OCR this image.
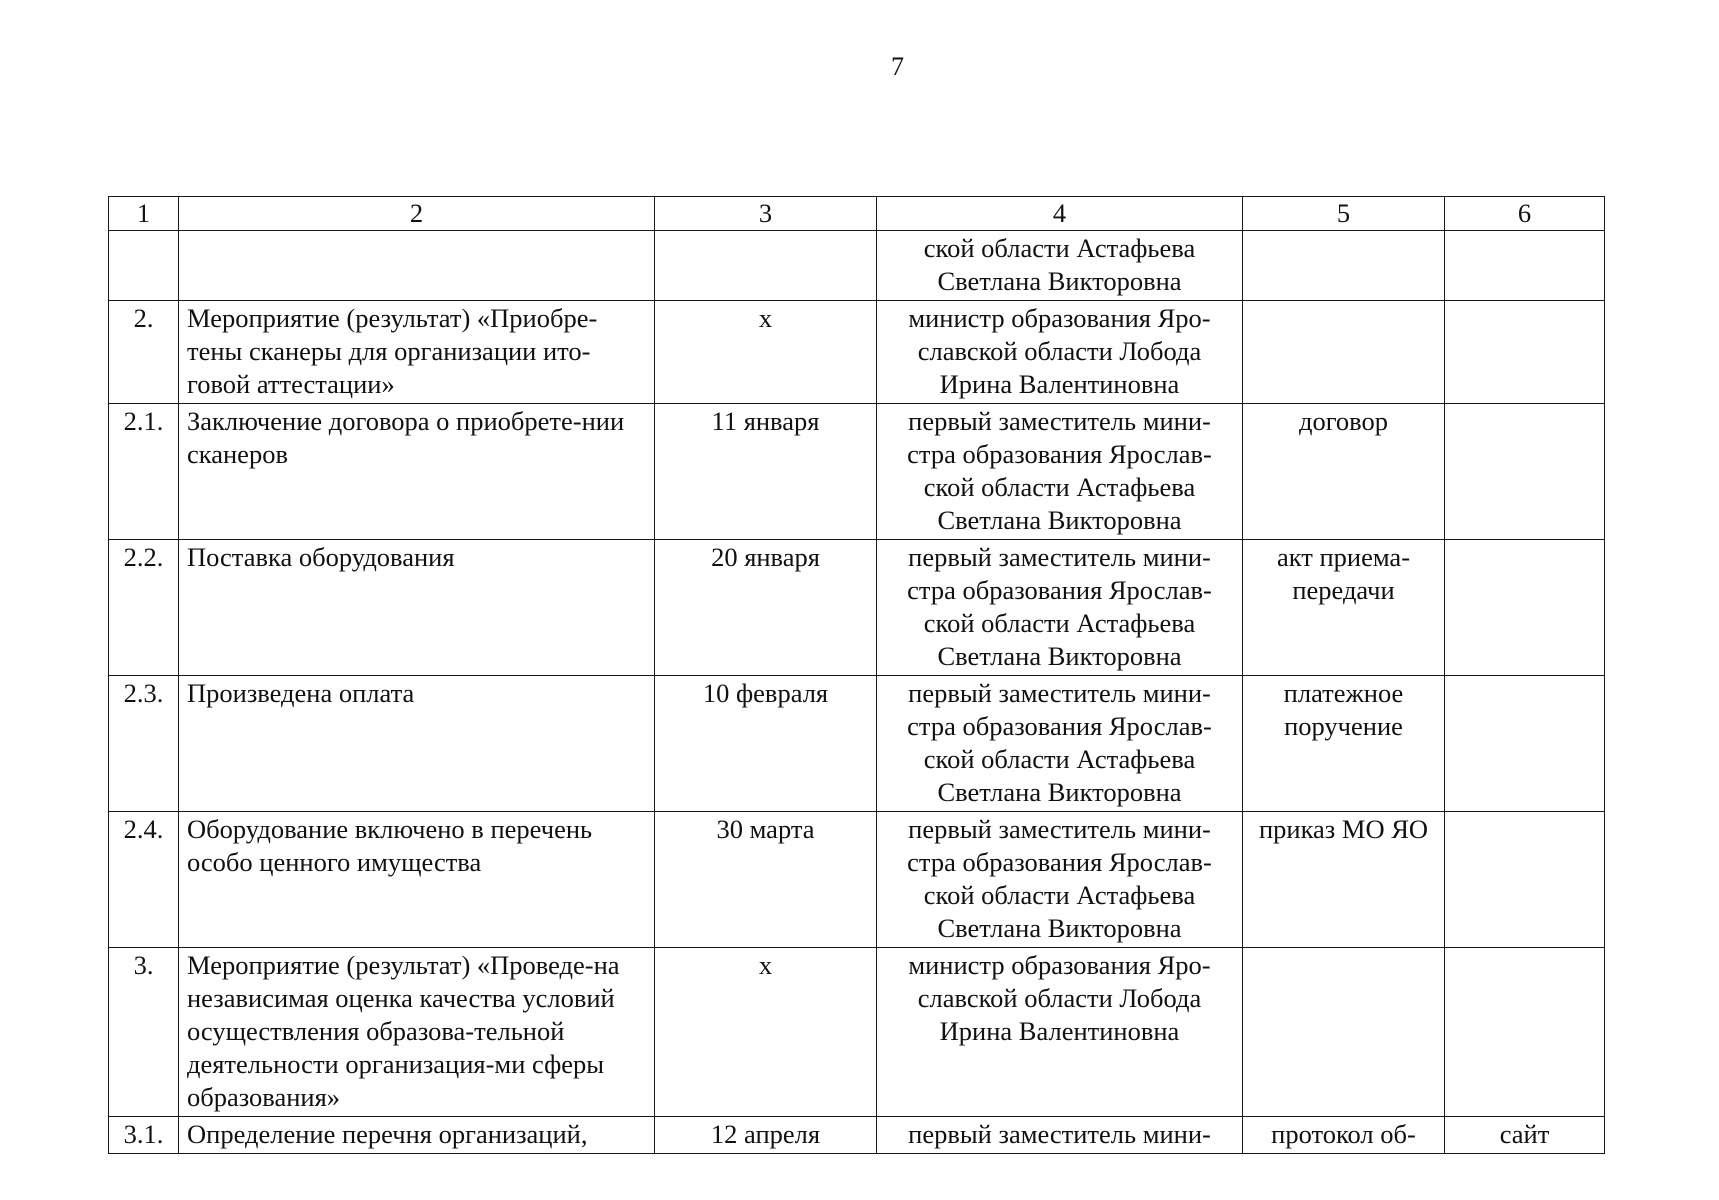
7
1	2	3	4	5	6
			ской области Астафьева Светлана Викторовна		
2.	Мероприятие (результат) «Приобре-тены сканеры для организации ито-говой аттестации»	х	министр образования Яро-славской области Лобода Ирина Валентиновна		
2.1.	Заключение договора о приобрете-нии сканеров	11 января	первый заместитель мини-стра образования Ярослав-ской области Астафьева Светлана Викторовна	договор	
2.2.	Поставка оборудования	20 января	первый заместитель мини-стра образования Ярослав-ской области Астафьева Светлана Викторовна	акт приема-передачи	
2.3.	Произведена оплата	10 февраля	первый заместитель мини-стра образования Ярослав-ской области Астафьева Светлана Викторовна	платежное поручение	
2.4.	Оборудование включено в перечень особо ценного имущества	30 марта	первый заместитель мини-стра образования Ярослав-ской области Астафьева Светлана Викторовна	приказ МО ЯО	
3.	Мероприятие (результат) «Проведе-на независимая оценка качества условий осуществления образова-тельной деятельности организация-ми сферы образования»	х	министр образования Яро-славской области Лобода Ирина Валентиновна		
3.1.	Определение перечня организаций,	12 апреля	первый заместитель мини-	протокол об-	сайт
